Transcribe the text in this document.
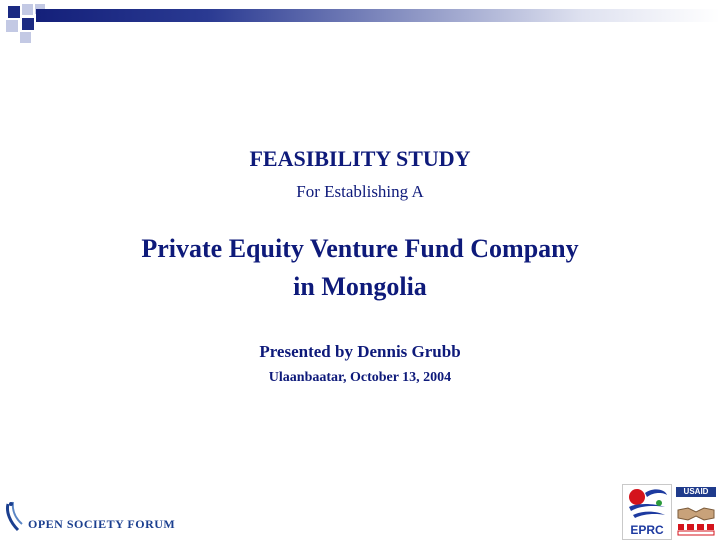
FEASIBILITY STUDY
For Establishing A
Private Equity Venture Fund Company
in Mongolia
Presented by Dennis Grubb
Ulaanbaatar, October 13, 2004
OPEN SOCIETY FORUM	EPRC
USAID
